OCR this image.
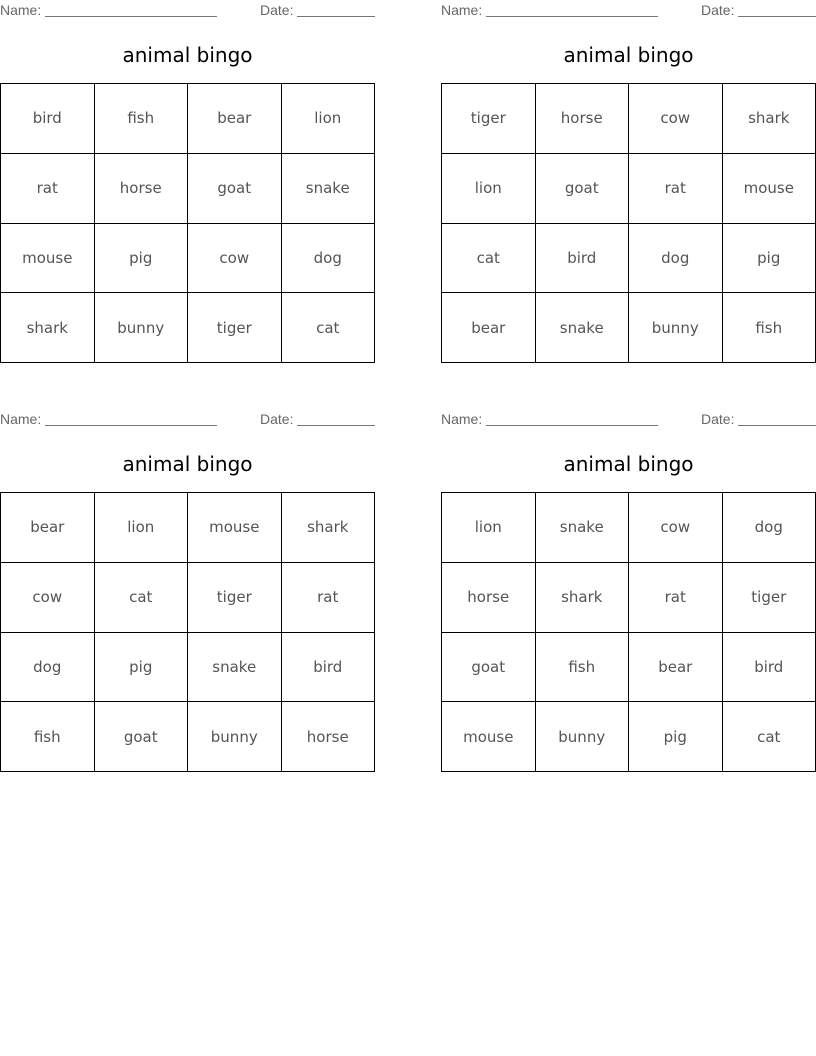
Name:	Date:
animal bingo
bird	fish	bear	lion
rat	horse	goat	snake
mouse	pig	cow	dog
shark	bunny	tiger	cat
Name:	Date:
animal bingo
tiger	horse	cow	shark
lion	goat	rat	mouse
cat	bird	dog	pig
bear	snake	bunny	fish
Name:	Date:
animal bingo
bear	lion	mouse	shark
cow	cat	tiger	rat
dog	pig	snake	bird
fish	goat	bunny	horse
Name:	Date:
animal bingo
lion	snake	cow	dog
horse	shark	rat	tiger
goat	fish	bear	bird
mouse	bunny	pig	cat
